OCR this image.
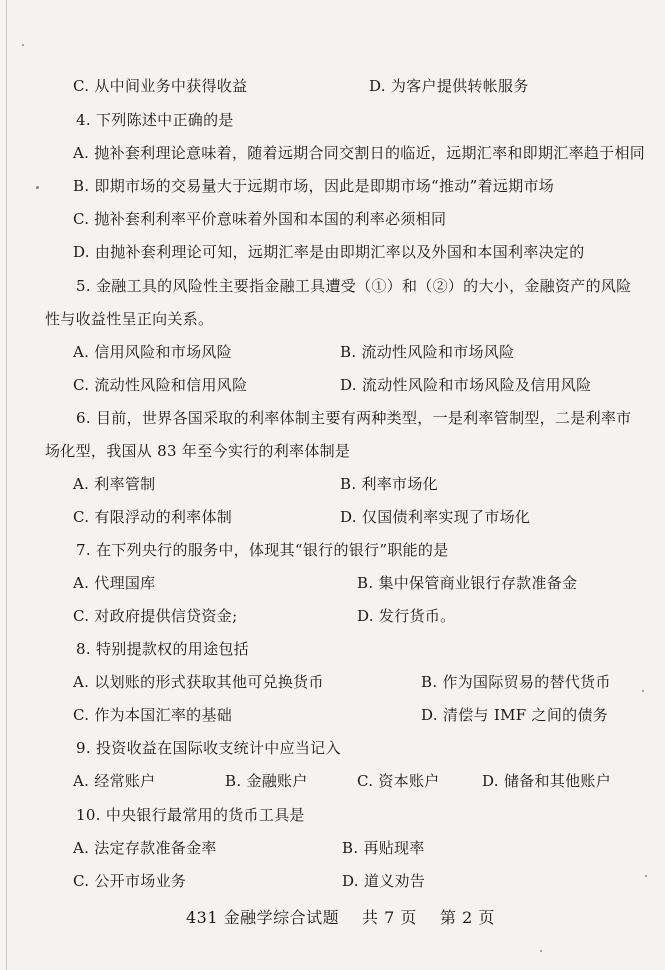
C. 从中间业务中获得收益	D. 为客户提供转帐服务
4. 下列陈述中正确的是
A. 抛补套利理论意味着，随着远期合同交割日的临近，远期汇率和即期汇率趋于相同
B. 即期市场的交易量大于远期市场，因此是即期市场“推动”着远期市场
C. 抛补套利利率平价意味着外国和本国的利率必须相同
D. 由抛补套利理论可知，远期汇率是由即期汇率以及外国和本国利率决定的
5. 金融工具的风险性主要指金融工具遭受（①）和（②）的大小，金融资产的风险
性与收益性呈正向关系。
A. 信用风险和市场风险	B. 流动性风险和市场风险
C. 流动性风险和信用风险	D. 流动性风险和市场风险及信用风险
6. 目前，世界各国采取的利率体制主要有两种类型，一是利率管制型，二是利率市
场化型，我国从 83 年至今实行的利率体制是
A. 利率管制	B. 利率市场化
C. 有限浮动的利率体制	D. 仅国债利率实现了市场化
7. 在下列央行的服务中，体现其“银行的银行”职能的是
A. 代理国库	B. 集中保管商业银行存款准备金
C. 对政府提供信贷资金;	D. 发行货币。
8. 特别提款权的用途包括
A. 以划账的形式获取其他可兑换货币	B. 作为国际贸易的替代货币
C. 作为本国汇率的基础	D. 清偿与 IMF 之间的债务
9. 投资收益在国际收支统计中应当记入
A. 经常账户	B. 金融账户	C. 资本账户	D. 储备和其他账户
10. 中央银行最常用的货币工具是
A. 法定存款准备金率	B. 再贴现率
C. 公开市场业务	D. 道义劝告
431 金融学综合试题 共 7 页 第 2 页
